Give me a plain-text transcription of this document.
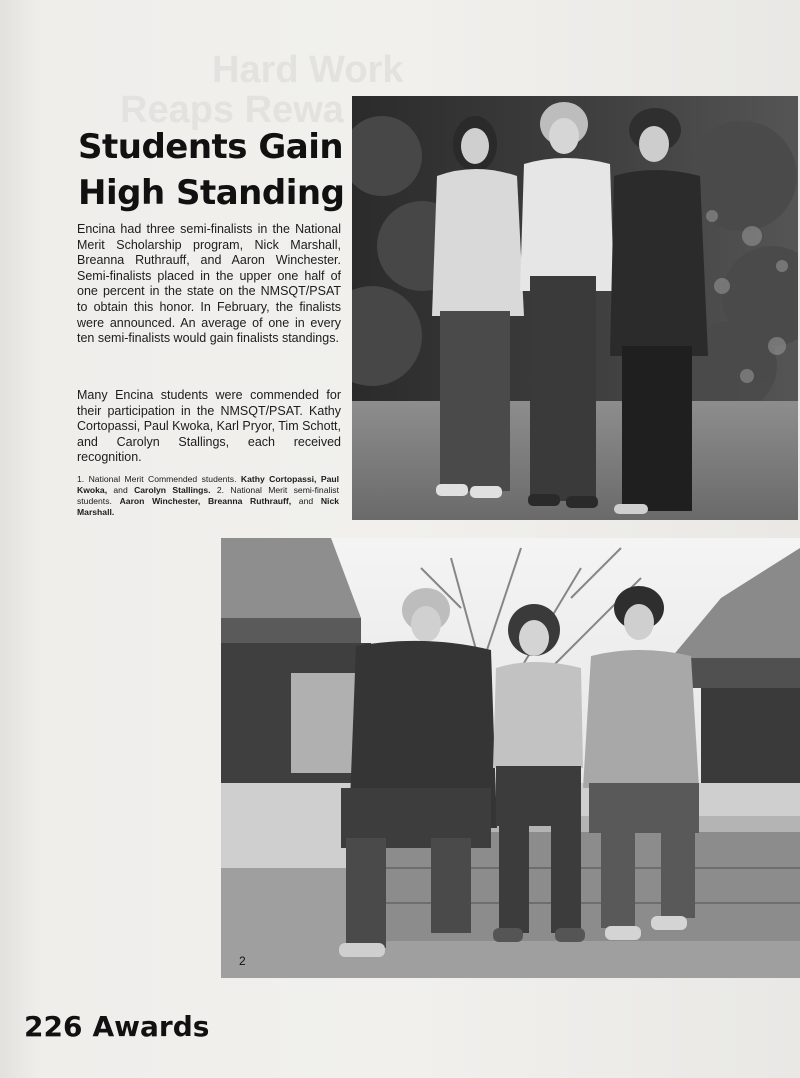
Hard Work
Reaps Rewa
Students Gain
High Standing

Encina had three semi-finalists in the National Merit Scholarship program, Nick Marshall, Breanna Ruthrauff, and Aaron Winchester. Semi-finalists placed in the upper one half of one percent in the state on the NMSQT/PSAT to obtain this honor. In February, the finalists were announced. An average of one in every ten semi-finalists would gain finalists standings.

Many Encina students were commended for their participation in the NMSQT/PSAT. Kathy Cortopassi, Paul Kwoka, Karl Pryor, Tim Schott, and Carolyn Stallings, each received recognition.

1. National Merit Commended students. Kathy Cortopassi, Paul Kwoka, and Carolyn Stallings. 2. National Merit semi-finalist students. Aaron Winchester, Breanna Ruthrauff, and Nick Marshall.

2

226 Awards
